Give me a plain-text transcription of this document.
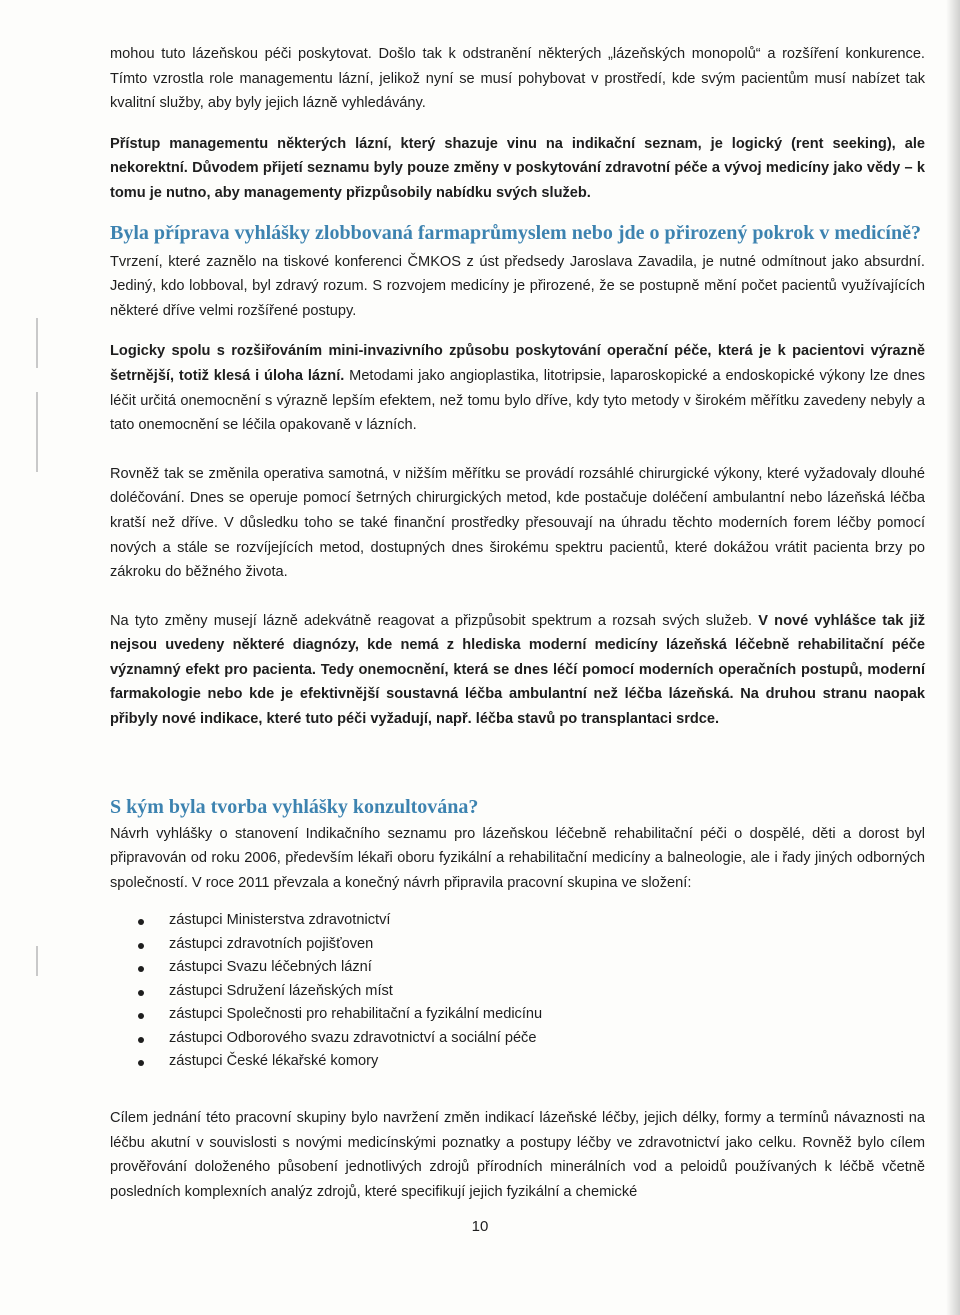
mohou tuto lázeňskou péči poskytovat. Došlo tak k odstranění některých „lázeňských monopolů“ a rozšíření konkurence. Tímto vzrostla role managementu lázní, jelikož nyní se musí pohybovat v prostředí, kde svým pacientům musí nabízet tak kvalitní služby, aby byly jejich lázně vyhledávány.

Přístup managementu některých lázní, který shazuje vinu na indikační seznam, je logický (rent seeking), ale nekorektní. Důvodem přijetí seznamu byly pouze změny v poskytování zdravotní péče a vývoj medicíny jako vědy – k tomu je nutno, aby managementy přizpůsobily nabídku svých služeb.

Byla příprava vyhlášky zlobbovaná farmaprůmyslem nebo jde o přirozený pokrok v medicíně?

Tvrzení, které zaznělo na tiskové konferenci ČMKOS z úst předsedy Jaroslava Zavadila, je nutné odmítnout jako absurdní. Jediný, kdo lobboval, byl zdravý rozum. S rozvojem medicíny je přirozené, že se postupně mění počet pacientů využívajících některé dříve velmi rozšířené postupy.

Logicky spolu s rozšiřováním mini-invazivního způsobu poskytování operační péče, která je k pacientovi výrazně šetrnější, totiž klesá i úloha lázní. Metodami jako angioplastika, litotripsie, laparoskopické a endoskopické výkony lze dnes léčit určitá onemocnění s výrazně lepším efektem, než tomu bylo dříve, kdy tyto metody v širokém měřítku zavedeny nebyly a tato onemocnění se léčila opakovaně v lázních.

Rovněž tak se změnila operativa samotná, v nižším měřítku se provádí rozsáhlé chirurgické výkony, které vyžadovaly dlouhé doléčování. Dnes se operuje pomocí šetrných chirurgických metod, kde postačuje doléčení ambulantní nebo lázeňská léčba kratší než dříve. V důsledku toho se také finanční prostředky přesouvají na úhradu těchto moderních forem léčby pomocí nových a stále se rozvíjejících metod, dostupných dnes širokému spektru pacientů, které dokážou vrátit pacienta brzy po zákroku do běžného života.

Na tyto změny musejí lázně adekvátně reagovat a přizpůsobit spektrum a rozsah svých služeb. V nové vyhlášce tak již nejsou uvedeny některé diagnózy, kde nemá z hlediska moderní medicíny lázeňská léčebně rehabilitační péče významný efekt pro pacienta. Tedy onemocnění, která se dnes léčí pomocí moderních operačních postupů, moderní farmakologie nebo kde je efektivnější soustavná léčba ambulantní než léčba lázeňská. Na druhou stranu naopak přibyly nové indikace, které tuto péči vyžadují, např. léčba stavů po transplantaci srdce.

S kým byla tvorba vyhlášky konzultována?

Návrh vyhlášky o stanovení Indikačního seznamu pro lázeňskou léčebně rehabilitační péči o dospělé, děti a dorost byl připravován od roku 2006, především lékaři oboru fyzikální a rehabilitační medicíny a balneologie, ale i řady jiných odborných společností. V roce 2011 převzala a konečný návrh připravila pracovní skupina ve složení:

zástupci Ministerstva zdravotnictví
zástupci zdravotních pojišťoven
zástupci Svazu léčebných lázní
zástupci Sdružení lázeňských míst
zástupci Společnosti pro rehabilitační a fyzikální medicínu
zástupci Odborového svazu zdravotnictví a sociální péče
zástupci České lékařské komory

Cílem jednání této pracovní skupiny bylo navržení změn indikací lázeňské léčby, jejich délky, formy a termínů návaznosti na léčbu akutní v souvislosti s novými medicínskými poznatky a postupy léčby ve zdravotnictví jako celku. Rovněž bylo cílem prověřování doloženého působení jednotlivých zdrojů přírodních minerálních vod a peloidů používaných k léčbě včetně posledních komplexních analýz zdrojů, které specifikují jejich fyzikální a chemické

10
